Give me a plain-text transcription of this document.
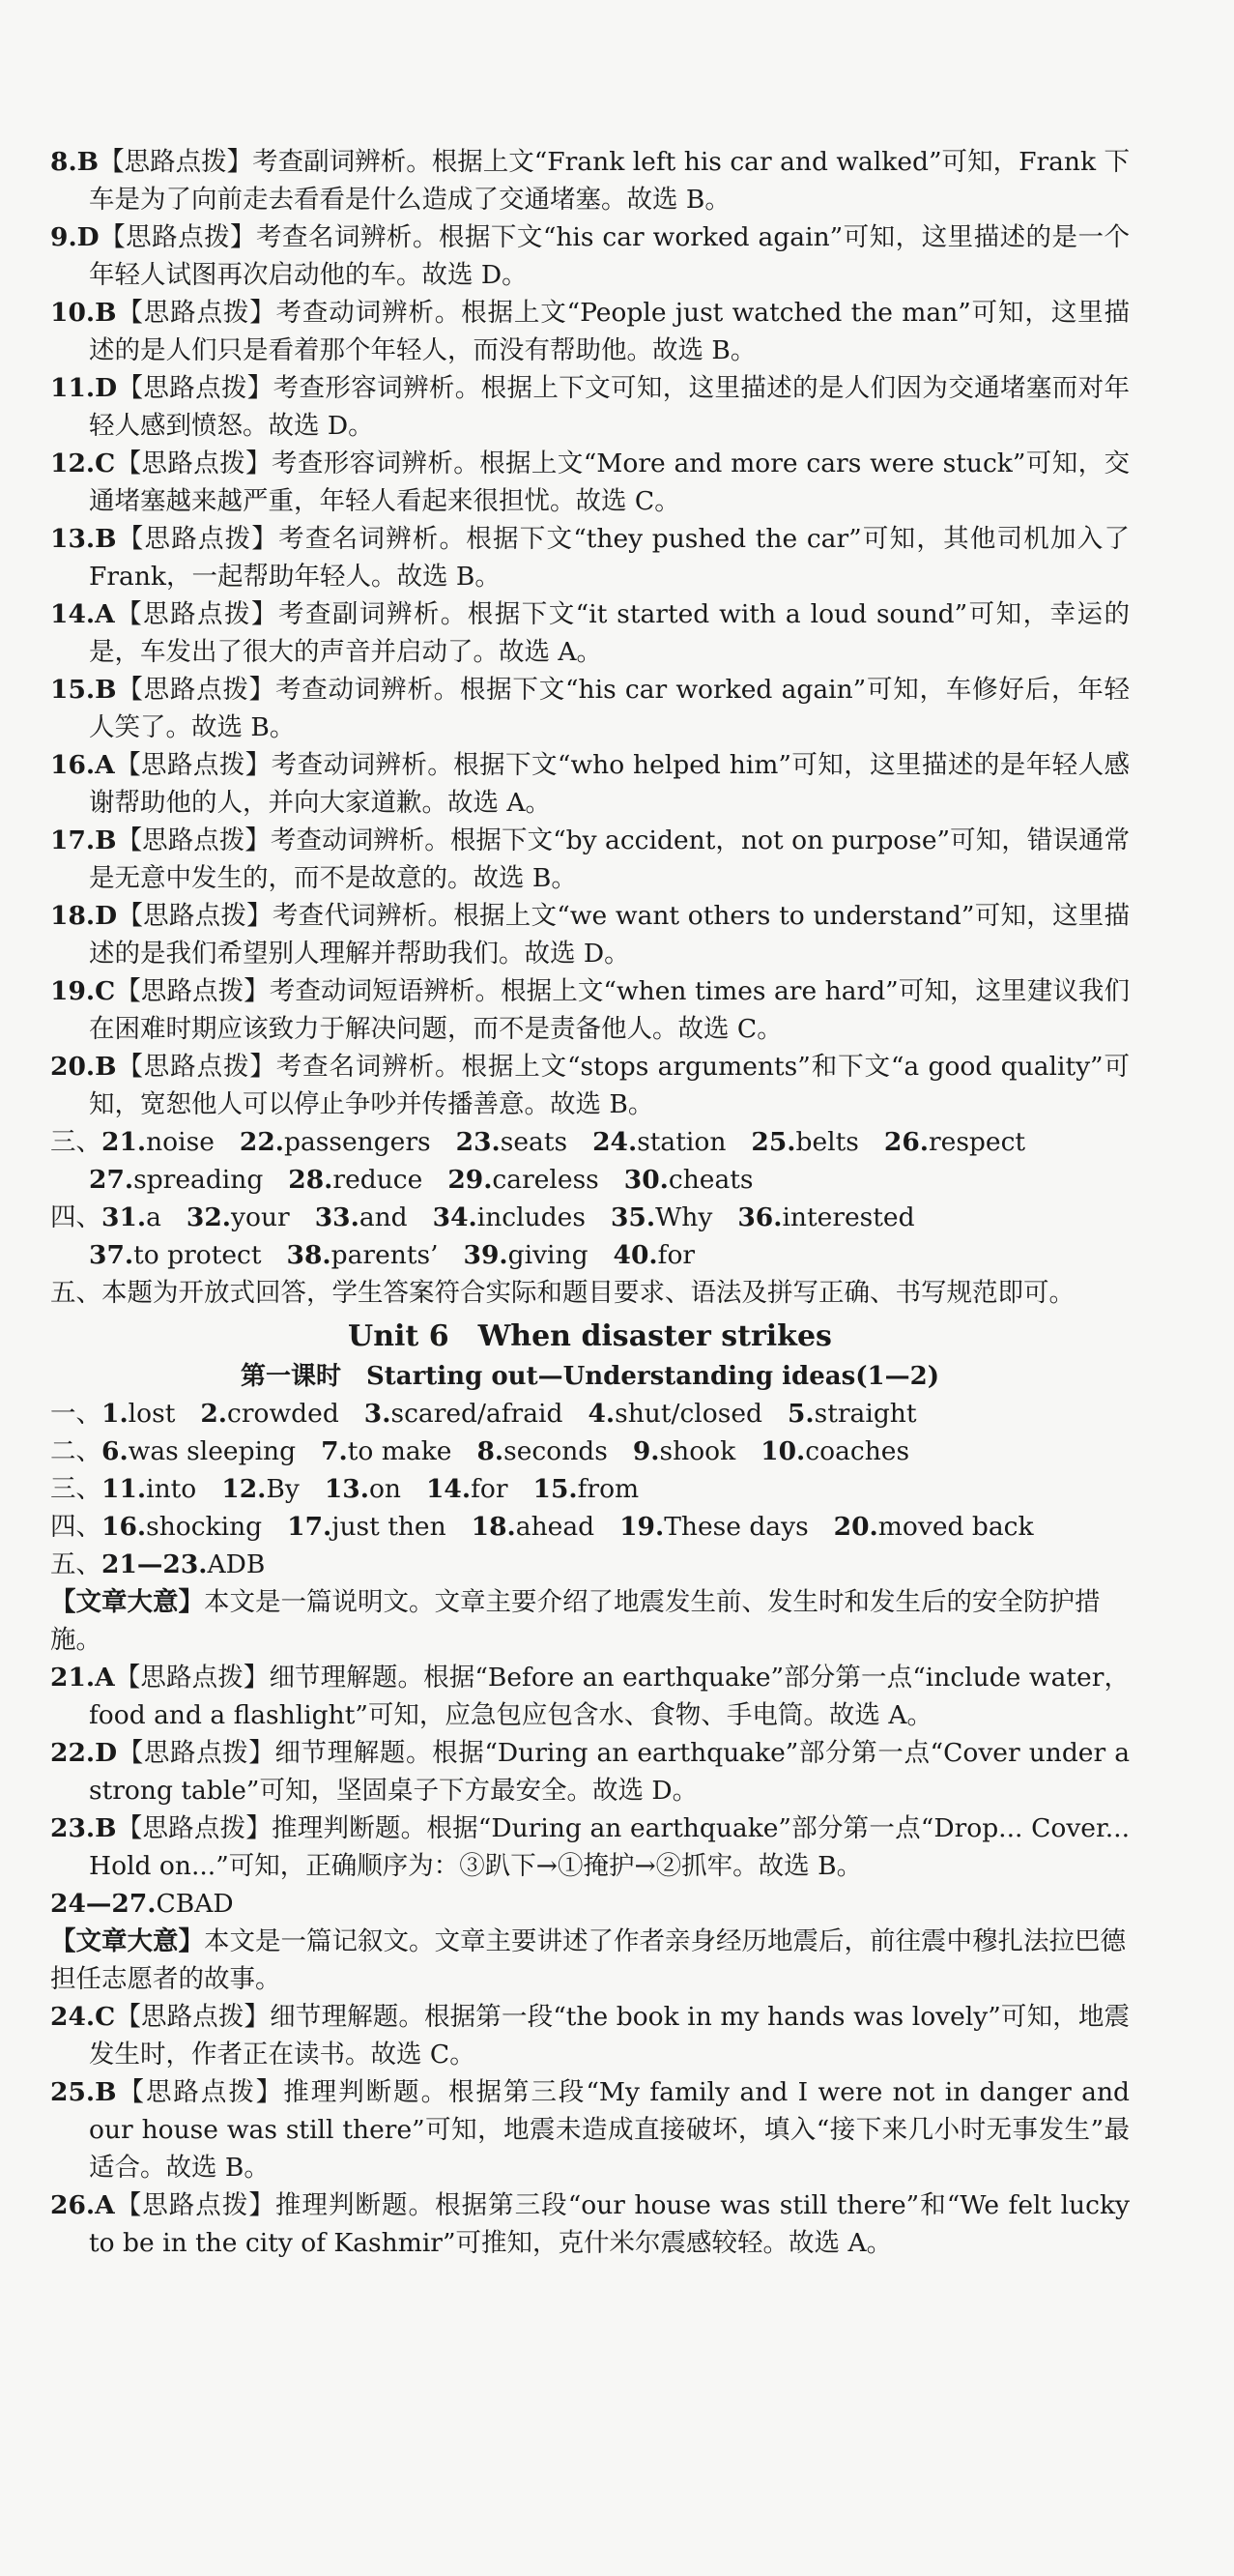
8.B【思路点拨】考查副词辨析。根据上文“Frank left his car and walked”可知，Frank 下车是为了向前走去看看是什么造成了交通堵塞。故选 B。
9.D【思路点拨】考查名词辨析。根据下文“his car worked again”可知，这里描述的是一个年轻人试图再次启动他的车。故选 D。
10.B【思路点拨】考查动词辨析。根据上文“People just watched the man”可知，这里描述的是人们只是看着那个年轻人，而没有帮助他。故选 B。
11.D【思路点拨】考查形容词辨析。根据上下文可知，这里描述的是人们因为交通堵塞而对年轻人感到愤怒。故选 D。
12.C【思路点拨】考查形容词辨析。根据上文“More and more cars were stuck”可知，交通堵塞越来越严重，年轻人看起来很担忧。故选 C。
13.B【思路点拨】考查名词辨析。根据下文“they pushed the car”可知，其他司机加入了 Frank，一起帮助年轻人。故选 B。
14.A【思路点拨】考查副词辨析。根据下文“it started with a loud sound”可知，幸运的是，车发出了很大的声音并启动了。故选 A。
15.B【思路点拨】考查动词辨析。根据下文“his car worked again”可知，车修好后，年轻人笑了。故选 B。
16.A【思路点拨】考查动词辨析。根据下文“who helped him”可知，这里描述的是年轻人感谢帮助他的人，并向大家道歉。故选 A。
17.B【思路点拨】考查动词辨析。根据下文“by accident，not on purpose”可知，错误通常是无意中发生的，而不是故意的。故选 B。
18.D【思路点拨】考查代词辨析。根据上文“we want others to understand”可知，这里描述的是我们希望别人理解并帮助我们。故选 D。
19.C【思路点拨】考查动词短语辨析。根据上文“when times are hard”可知，这里建议我们在困难时期应该致力于解决问题，而不是责备他人。故选 C。
20.B【思路点拨】考查名词辨析。根据上文“stops arguments”和下文“a good quality”可知，宽恕他人可以停止争吵并传播善意。故选 B。
三、21.noise 22.passengers 23.seats 24.station 25.belts 26.respect
27.spreading 28.reduce 29.careless 30.cheats
四、31.a 32.your 33.and 34.includes 35.Why 36.interested
37.to protect 38.parents’ 39.giving 40.for
五、本题为开放式回答，学生答案符合实际和题目要求、语法及拼写正确、书写规范即可。
Unit 6　When disaster strikes
第一课时　Starting out—Understanding ideas(1—2)
一、1.lost 2.crowded 3.scared/afraid 4.shut/closed 5.straight
二、6.was sleeping 7.to make 8.seconds 9.shook 10.coaches
三、11.into 12.By 13.on 14.for 15.from
四、16.shocking 17.just then 18.ahead 19.These days 20.moved back
五、21—23.ADB
【文章大意】本文是一篇说明文。文章主要介绍了地震发生前、发生时和发生后的安全防护措施。
21.A【思路点拨】细节理解题。根据“Before an earthquake”部分第一点“include water，food and a flashlight”可知，应急包应包含水、食物、手电筒。故选 A。
22.D【思路点拨】细节理解题。根据“During an earthquake”部分第一点“Cover under a strong table”可知，坚固桌子下方最安全。故选 D。
23.B【思路点拨】推理判断题。根据“During an earthquake”部分第一点“Drop... Cover... Hold on...”可知，正确顺序为：③趴下→①掩护→②抓牢。故选 B。
24—27.CBAD
【文章大意】本文是一篇记叙文。文章主要讲述了作者亲身经历地震后，前往震中穆扎法拉巴德担任志愿者的故事。
24.C【思路点拨】细节理解题。根据第一段“the book in my hands was lovely”可知，地震发生时，作者正在读书。故选 C。
25.B【思路点拨】推理判断题。根据第三段“My family and I were not in danger and our house was still there”可知，地震未造成直接破坏，填入“接下来几小时无事发生”最适合。故选 B。
26.A【思路点拨】推理判断题。根据第三段“our house was still there”和“We felt lucky to be in the city of Kashmir”可推知，克什米尔震感较轻。故选 A。
